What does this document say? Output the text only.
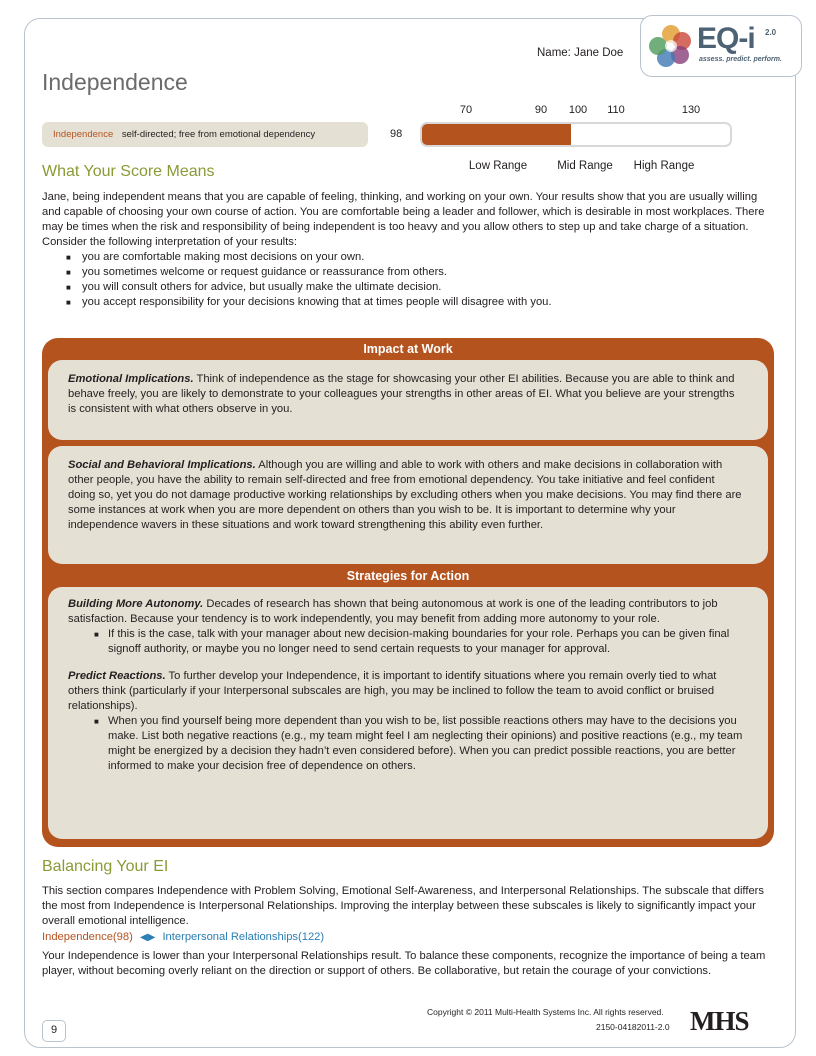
EQ-i 2.0
assess. predict. perform.
Name: Jane Doe
Independence
70	90 100 110	130
Independence self-directed; free from emotional dependency	98
Low Range	Mid Range High Range
What Your Score Means

Jane, being independent means that you are capable of feeling, thinking, and working on your own. Your results show that you are usually willing and capable of choosing your own course of action. You are comfortable being a leader and follower, which is desirable in most workplaces. There may be times when the risk and responsibility of being independent is too heavy and you allow others to step up and take charge of a situation. Consider the following interpretation of your results:

■ you are comfortable making most decisions on your own.
■ you sometimes welcome or request guidance or reassurance from others.
■ you will consult others for advice, but usually make the ultimate decision.
■ you accept responsibility for your decisions knowing that at times people will disagree with you.
Impact at Work

Emotional Implications. Think of independence as the stage for showcasing your other EI abilities. Because you are able to think and behave freely, you are likely to demonstrate to your colleagues your strengths in other areas of EI. What you believe are your strengths is consistent with what others observe in you.

Social and Behavioral Implications. Although you are willing and able to work with others and make decisions in collaboration with other people, you have the ability to remain self-directed and free from emotional dependency. You take initiative and feel confident doing so, yet you do not damage productive working relationships by excluding others when you make decisions. You may find there are some instances at work when you are more dependent on others than you wish to be. It is important to determine why your independence wavers in these situations and work toward strengthening this ability even further.

Strategies for Action

Building More Autonomy. Decades of research has shown that being autonomous at work is one of the leading contributors to job satisfaction. Because your tendency is to work independently, you may benefit from adding more autonomy to your role.

■ If this is the case, talk with your manager about new decision-making boundaries for your role. Perhaps you can be given final signoff authority, or maybe you no longer need to send certain requests to your manager for approval.

Predict Reactions. To further develop your Independence, it is important to identify situations where you remain overly tied to what others think (particularly if your Interpersonal subscales are high, you may be inclined to follow the team to avoid conflict or bruised relationships).

■ When you find yourself being more dependent than you wish to be, list possible reactions others may have to the decisions you make. List both negative reactions (e.g., my team might feel I am neglecting their opinions) and positive reactions (e.g., my team might be energized by a decision they hadn’t even considered before). When you can predict possible reactions, you are better informed to make your decision free of dependence on others.
Balancing Your EI

This section compares Independence with Problem Solving, Emotional Self-Awareness, and Interpersonal Relationships. The subscale that differs the most from Independence is Interpersonal Relationships. Improving the interplay between these subscales is likely to significantly impact your overall emotional intelligence.

Independence(98) ◀▶ Interpersonal Relationships(122)

Your Independence is lower than your Interpersonal Relationships result. To balance these components, recognize the importance of being a team player, without becoming overly reliant on the direction or support of others. Be collaborative, but retain the courage of your convictions.

Copyright © 2011 Multi-Health Systems Inc. All rights reserved.
2150-04182011-2.0 MHS
9
